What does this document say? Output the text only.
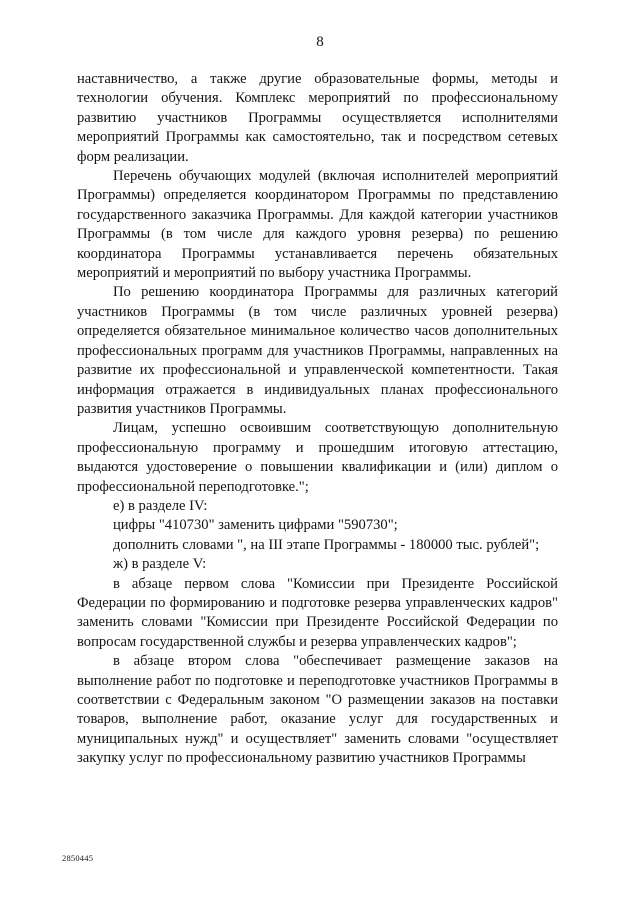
8

наставничество, а также другие образовательные формы, методы и технологии обучения. Комплекс мероприятий по профессиональному развитию участников Программы осуществляется исполнителями мероприятий Программы как самостоятельно, так и посредством сетевых форм реализации.

Перечень обучающих модулей (включая исполнителей мероприятий Программы) определяется координатором Программы по представлению государственного заказчика Программы. Для каждой категории участников Программы (в том числе для каждого уровня резерва) по решению координатора Программы устанавливается перечень обязательных мероприятий и мероприятий по выбору участника Программы.

По решению координатора Программы для различных категорий участников Программы (в том числе различных уровней резерва) определяется обязательное минимальное количество часов дополнительных профессиональных программ для участников Программы, направленных на развитие их профессиональной и управленческой компетентности. Такая информация отражается в индивидуальных планах профессионального развития участников Программы.

Лицам, успешно освоившим соответствующую дополнительную профессиональную программу и прошедшим итоговую аттестацию, выдаются удостоверение о повышении квалификации и (или) диплом о профессиональной переподготовке.";

е) в разделе IV:

цифры "410730" заменить цифрами "590730";

дополнить словами ", на III этапе Программы - 180000 тыс. рублей";

ж) в разделе V:

в абзаце первом слова "Комиссии при Президенте Российской Федерации по формированию и подготовке резерва управленческих кадров" заменить словами "Комиссии при Президенте Российской Федерации по вопросам государственной службы и резерва управленческих кадров";

в абзаце втором слова "обеспечивает размещение заказов на выполнение работ по подготовке и переподготовке участников Программы в соответствии с Федеральным законом "О размещении заказов на поставки товаров, выполнение работ, оказание услуг для государственных и муниципальных нужд" и осуществляет" заменить словами "осуществляет закупку услуг по профессиональному развитию участников Программы

2850445
